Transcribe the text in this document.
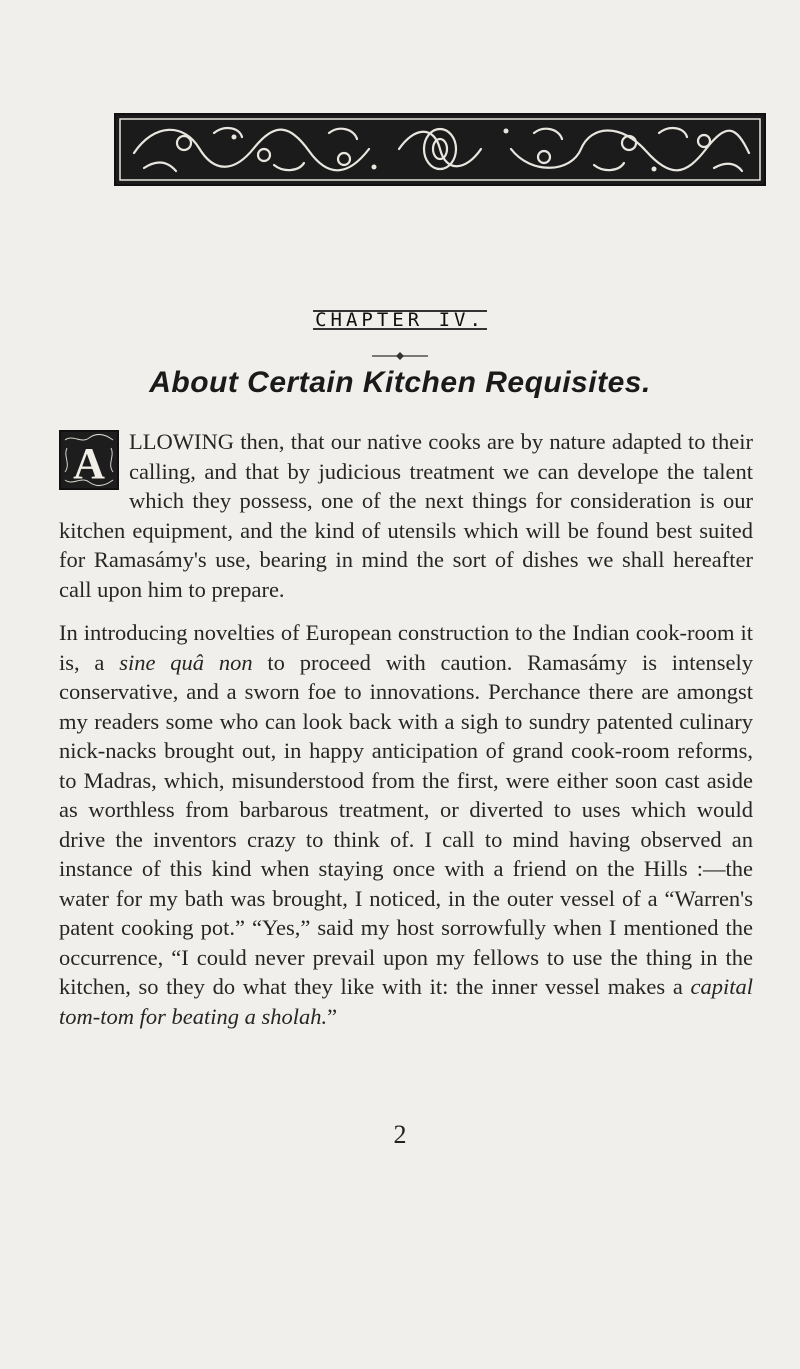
CHAPTER IV.
About Certain Kitchen Requisites.

A LLOWING then, that our native cooks are by nature adapted to their calling, and that by judicious treatment we can develope the talent which they possess, one of the next things for consideration is our kitchen equipment, and the kind of utensils which will be found best suited for Ramasámy's use, bearing in mind the sort of dishes we shall hereafter call upon him to prepare.

In introducing novelties of European construction to the Indian cook-room it is, a sine quâ non to proceed with caution. Ramasámy is intensely conservative, and a sworn foe to innovations. Perchance there are amongst my readers some who can look back with a sigh to sundry patented culinary nick-nacks brought out, in happy anticipation of grand cook-room reforms, to Madras, which, misunderstood from the first, were either soon cast aside as worthless from barbarous treatment, or diverted to uses which would drive the inventors crazy to think of. I call to mind having observed an instance of this kind when staying once with a friend on the Hills :—the water for my bath was brought, I noticed, in the outer vessel of a “Warren's patent cooking pot.” “Yes,” said my host sorrowfully when I mentioned the occurrence, “I could never prevail upon my fellows to use the thing in the kitchen, so they do what they like with it: the inner vessel makes a capital tom-tom for beating a sholah.”

2
